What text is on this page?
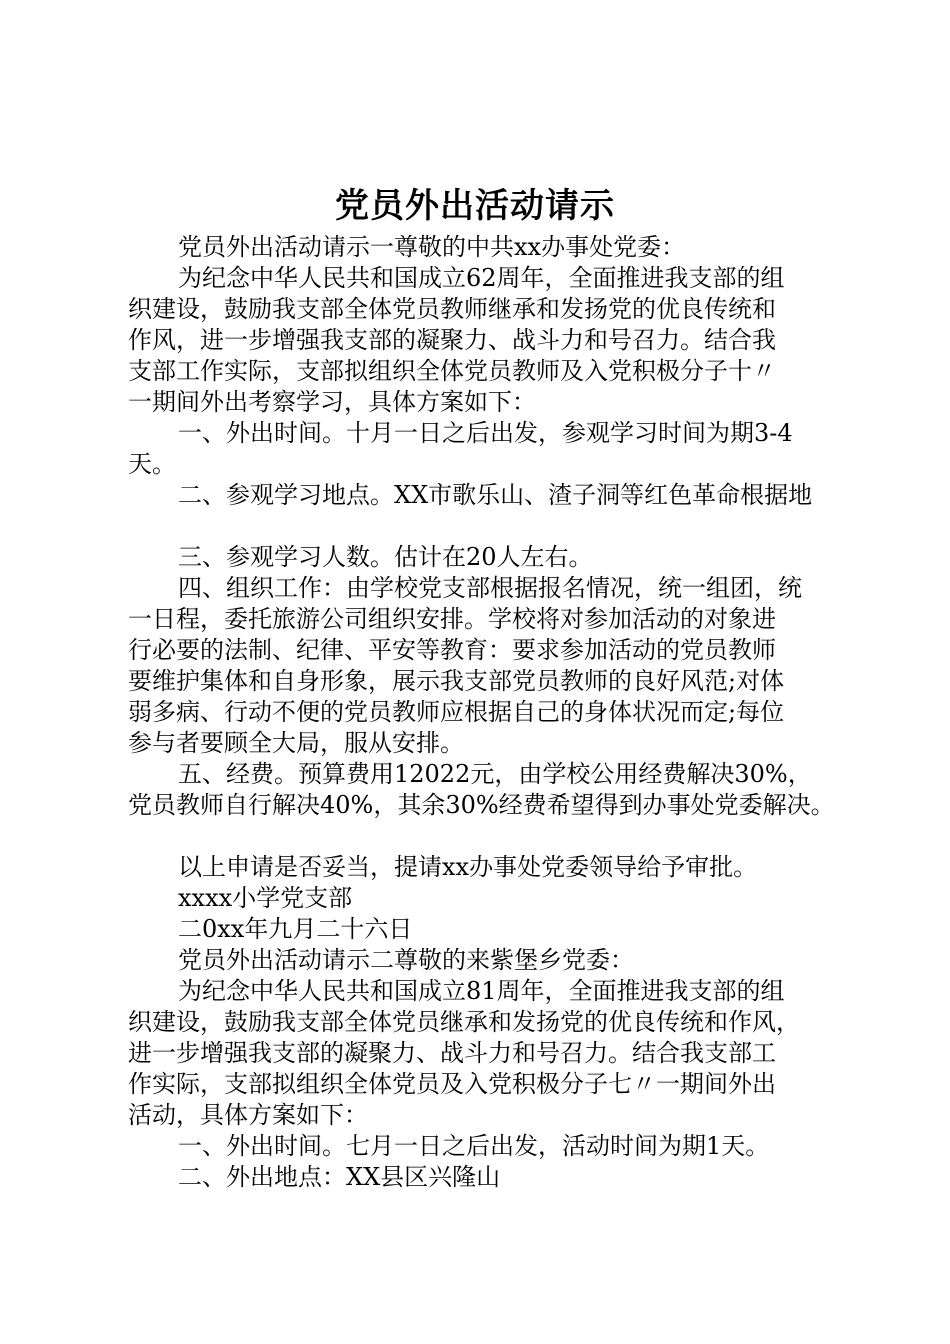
党员外出活动请示

党员外出活动请示一尊敬的中共xx办事处党委：

为纪念中华人民共和国成立62周年，全面推进我支部的组

织建设，鼓励我支部全体党员教师继承和发扬党的优良传统和

作风，进一步增强我支部的凝聚力、战斗力和号召力。结合我

支部工作实际，支部拟组织全体党员教师及入党积极分子十〃

一期间外出考察学习，具体方案如下：

一、外出时间。十月一日之后出发，参观学习时间为期3-4

天。

二、参观学习地点。XX市歌乐山、渣子洞等红色革命根据地

三、参观学习人数。估计在20人左右。

四、组织工作：由学校党支部根据报名情况，统一组团，统

一日程，委托旅游公司组织安排。学校将对参加活动的对象进

行必要的法制、纪律、平安等教育：要求参加活动的党员教师

要维护集体和自身形象，展示我支部党员教师的良好风范;对体

弱多病、行动不便的党员教师应根据自己的身体状况而定;每位

参与者要顾全大局，服从安排。

五、经费。预算费用12022元，由学校公用经费解决30%，

党员教师自行解决40%，其余30%经费希望得到办事处党委解决。

以上申请是否妥当，提请xx办事处党委领导给予审批。

xxxx小学党支部

二0xx年九月二十六日

党员外出活动请示二尊敬的来紫堡乡党委：

为纪念中华人民共和国成立81周年，全面推进我支部的组

织建设，鼓励我支部全体党员继承和发扬党的优良传统和作风，

进一步增强我支部的凝聚力、战斗力和号召力。结合我支部工

作实际，支部拟组织全体党员及入党积极分子七〃一期间外出

活动，具体方案如下：

一、外出时间。七月一日之后出发，活动时间为期1天。

二、外出地点：XX县区兴隆山
